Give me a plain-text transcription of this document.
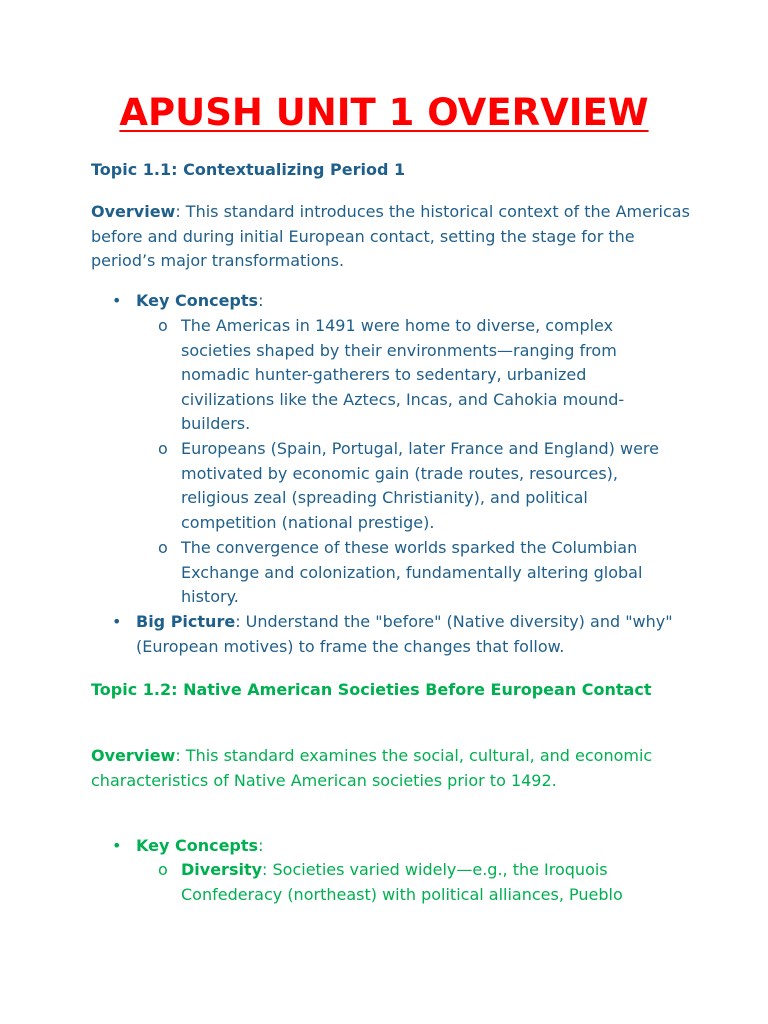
APUSH UNIT 1 OVERVIEW
Topic 1.1: Contextualizing Period 1

Overview: This standard introduces the historical context of the Americas before and during initial European contact, setting the stage for the period’s major transformations.

• Key Concepts:
o The Americas in 1491 were home to diverse, complex societies shaped by their environments—ranging from nomadic hunter-gatherers to sedentary, urbanized civilizations like the Aztecs, Incas, and Cahokia mound-builders.
o Europeans (Spain, Portugal, later France and England) were motivated by economic gain (trade routes, resources), religious zeal (spreading Christianity), and political competition (national prestige).
o The convergence of these worlds sparked the Columbian Exchange and colonization, fundamentally altering global history.
• Big Picture: Understand the "before" (Native diversity) and "why" (European motives) to frame the changes that follow.
Topic 1.2: Native American Societies Before European Contact

Overview: This standard examines the social, cultural, and economic characteristics of Native American societies prior to 1492.

• Key Concepts:
o Diversity: Societies varied widely—e.g., the Iroquois Confederacy (northeast) with political alliances, Pueblo
